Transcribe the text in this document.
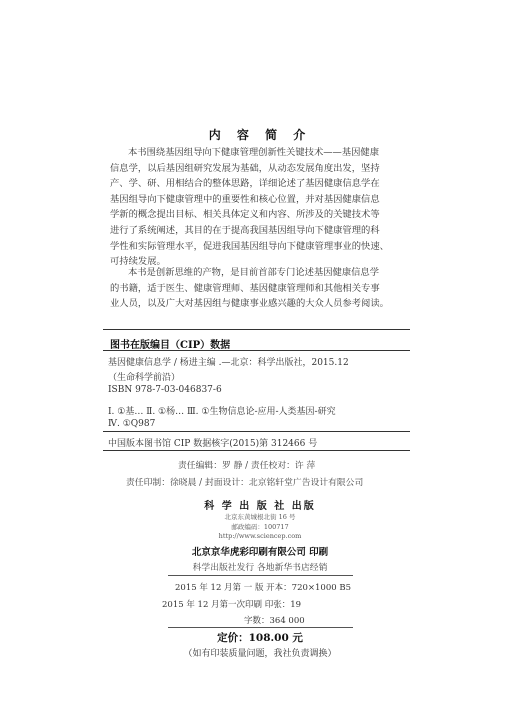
内 容 简 介
本书围绕基因组导向下健康管理创新性关键技术——基因健康
信息学，以后基因组研究发展为基础，从动态发展角度出发，坚持
产、学、研、用相结合的整体思路，详细论述了基因健康信息学在
基因组导向下健康管理中的重要性和核心位置，并对基因健康信息
学新的概念提出目标、相关具体定义和内容、所涉及的关键技术等
进行了系统阐述，其目的在于提高我国基因组导向下健康管理的科
学性和实际管理水平，促进我国基因组导向下健康管理事业的快速、
可持续发展。
本书是创新思维的产物，是目前首部专门论述基因健康信息学
的书籍，适于医生、健康管理师、基因健康管理师和其他相关专事
业人员，以及广大对基因组与健康事业感兴趣的大众人员参考阅读。
图书在版编目（CIP）数据
基因健康信息学 / 杨进主编 .—北京：科学出版社，2015.12
（生命科学前沿）
ISBN 978-7-03-046837-6
Ⅰ. ①基… Ⅱ. ①杨… Ⅲ. ①生物信息论-应用-人类基因-研究
Ⅳ. ①Q987
中国版本图书馆 CIP 数据核字(2015)第 312466 号
责任编辑：罗 静 / 责任校对：许 萍
责任印制：徐晓晨 / 封面设计：北京铭轩堂广告设计有限公司
科 学 出 版 社 出版
北京东黄城根北街 16 号
邮政编码：100717
http://www.sciencep.com
北京京华虎彩印刷有限公司 印刷
科学出版社发行 各地新华书店经销
2015 年 12 月第 一 版 开本：720×1000 B5
2015 年 12 月第一次印刷 印张：19
字数：364 000
定价：108.00 元
（如有印装质量问题，我社负责调换）
